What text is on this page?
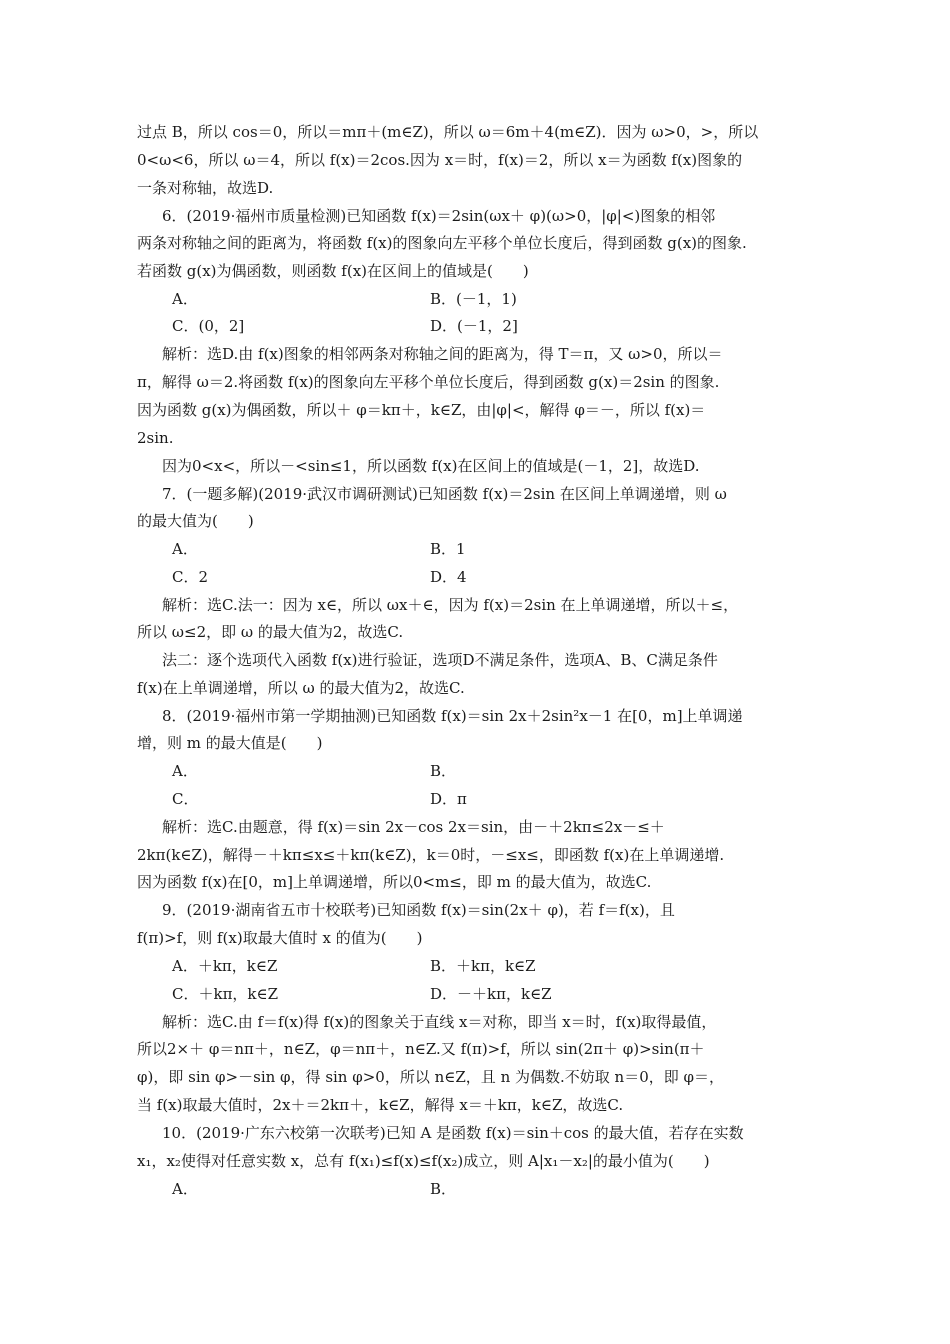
过点 B，所以 cos＝0，所以＝mπ＋(m∈Z)，所以 ω＝6m＋4(m∈Z)．因为 ω>0，>，所以
0<ω<6，所以 ω＝4，所以 f(x)＝2cos.因为 x＝时，f(x)＝2，所以 x＝为函数 f(x)图象的
一条对称轴，故选D.
6．(2019·福州市质量检测)已知函数 f(x)＝2sin(ωx＋ φ)(ω>0，|φ|<)图象的相邻
两条对称轴之间的距离为，将函数 f(x)的图象向左平移个单位长度后，得到函数 g(x)的图象.
若函数 g(x)为偶函数，则函数 f(x)在区间上的值域是(　　)
A．	B．(－1，1)
C．(0，2]	D．(－1，2]
解析：选D.由 f(x)图象的相邻两条对称轴之间的距离为，得 T＝π，又 ω>0，所以＝
π，解得 ω＝2.将函数 f(x)的图象向左平移个单位长度后，得到函数 g(x)＝2sin 的图象.
因为函数 g(x)为偶函数，所以＋ φ＝kπ＋，k∈Z，由|φ|<，解得 φ＝－，所以 f(x)＝
2sin.
因为0<x<，所以－<sin≤1，所以函数 f(x)在区间上的值域是(－1，2]，故选D.
7．(一题多解)(2019·武汉市调研测试)已知函数 f(x)＝2sin 在区间上单调递增，则 ω
的最大值为(　　)
A．	B．1
C．2	D．4
解析：选C.法一：因为 x∈，所以 ωx＋∈，因为 f(x)＝2sin 在上单调递增，所以＋≤，
所以 ω≤2，即 ω 的最大值为2，故选C.
法二：逐个选项代入函数 f(x)进行验证，选项D不满足条件，选项A、B、C满足条件
f(x)在上单调递增，所以 ω 的最大值为2，故选C.
8．(2019·福州市第一学期抽测)已知函数 f(x)＝sin 2x＋2sin²x－1 在[0，m]上单调递
增，则 m 的最大值是(　　)
A．	B．
C．	D．π
解析：选C.由题意，得 f(x)＝sin 2x－cos 2x＝sin，由－＋2kπ≤2x－≤＋
2kπ(k∈Z)，解得－＋kπ≤x≤＋kπ(k∈Z)，k＝0时，－≤x≤，即函数 f(x)在上单调递增.
因为函数 f(x)在[0，m]上单调递增，所以0<m≤，即 m 的最大值为，故选C.
9．(2019·湖南省五市十校联考)已知函数 f(x)＝sin(2x＋ φ)，若 f＝f(x)，且
f(π)>f，则 f(x)取最大值时 x 的值为(　　)
A．＋kπ，k∈Z	B．＋kπ，k∈Z
C．＋kπ，k∈Z	D．－＋kπ，k∈Z
解析：选C.由 f＝f(x)得 f(x)的图象关于直线 x＝对称，即当 x＝时，f(x)取得最值，
所以2×＋ φ＝nπ＋，n∈Z，φ＝nπ＋，n∈Z.又 f(π)>f，所以 sin(2π＋ φ)>sin(π＋
φ)，即 sin φ>－sin φ，得 sin φ>0，所以 n∈Z，且 n 为偶数.不妨取 n＝0，即 φ＝，
当 f(x)取最大值时，2x＋＝2kπ＋，k∈Z，解得 x＝＋kπ，k∈Z，故选C.
10．(2019·广东六校第一次联考)已知 A 是函数 f(x)＝sin＋cos 的最大值，若存在实数
x₁，x₂使得对任意实数 x，总有 f(x₁)≤f(x)≤f(x₂)成立，则 A|x₁－x₂|的最小值为(　　)
A．	B．
